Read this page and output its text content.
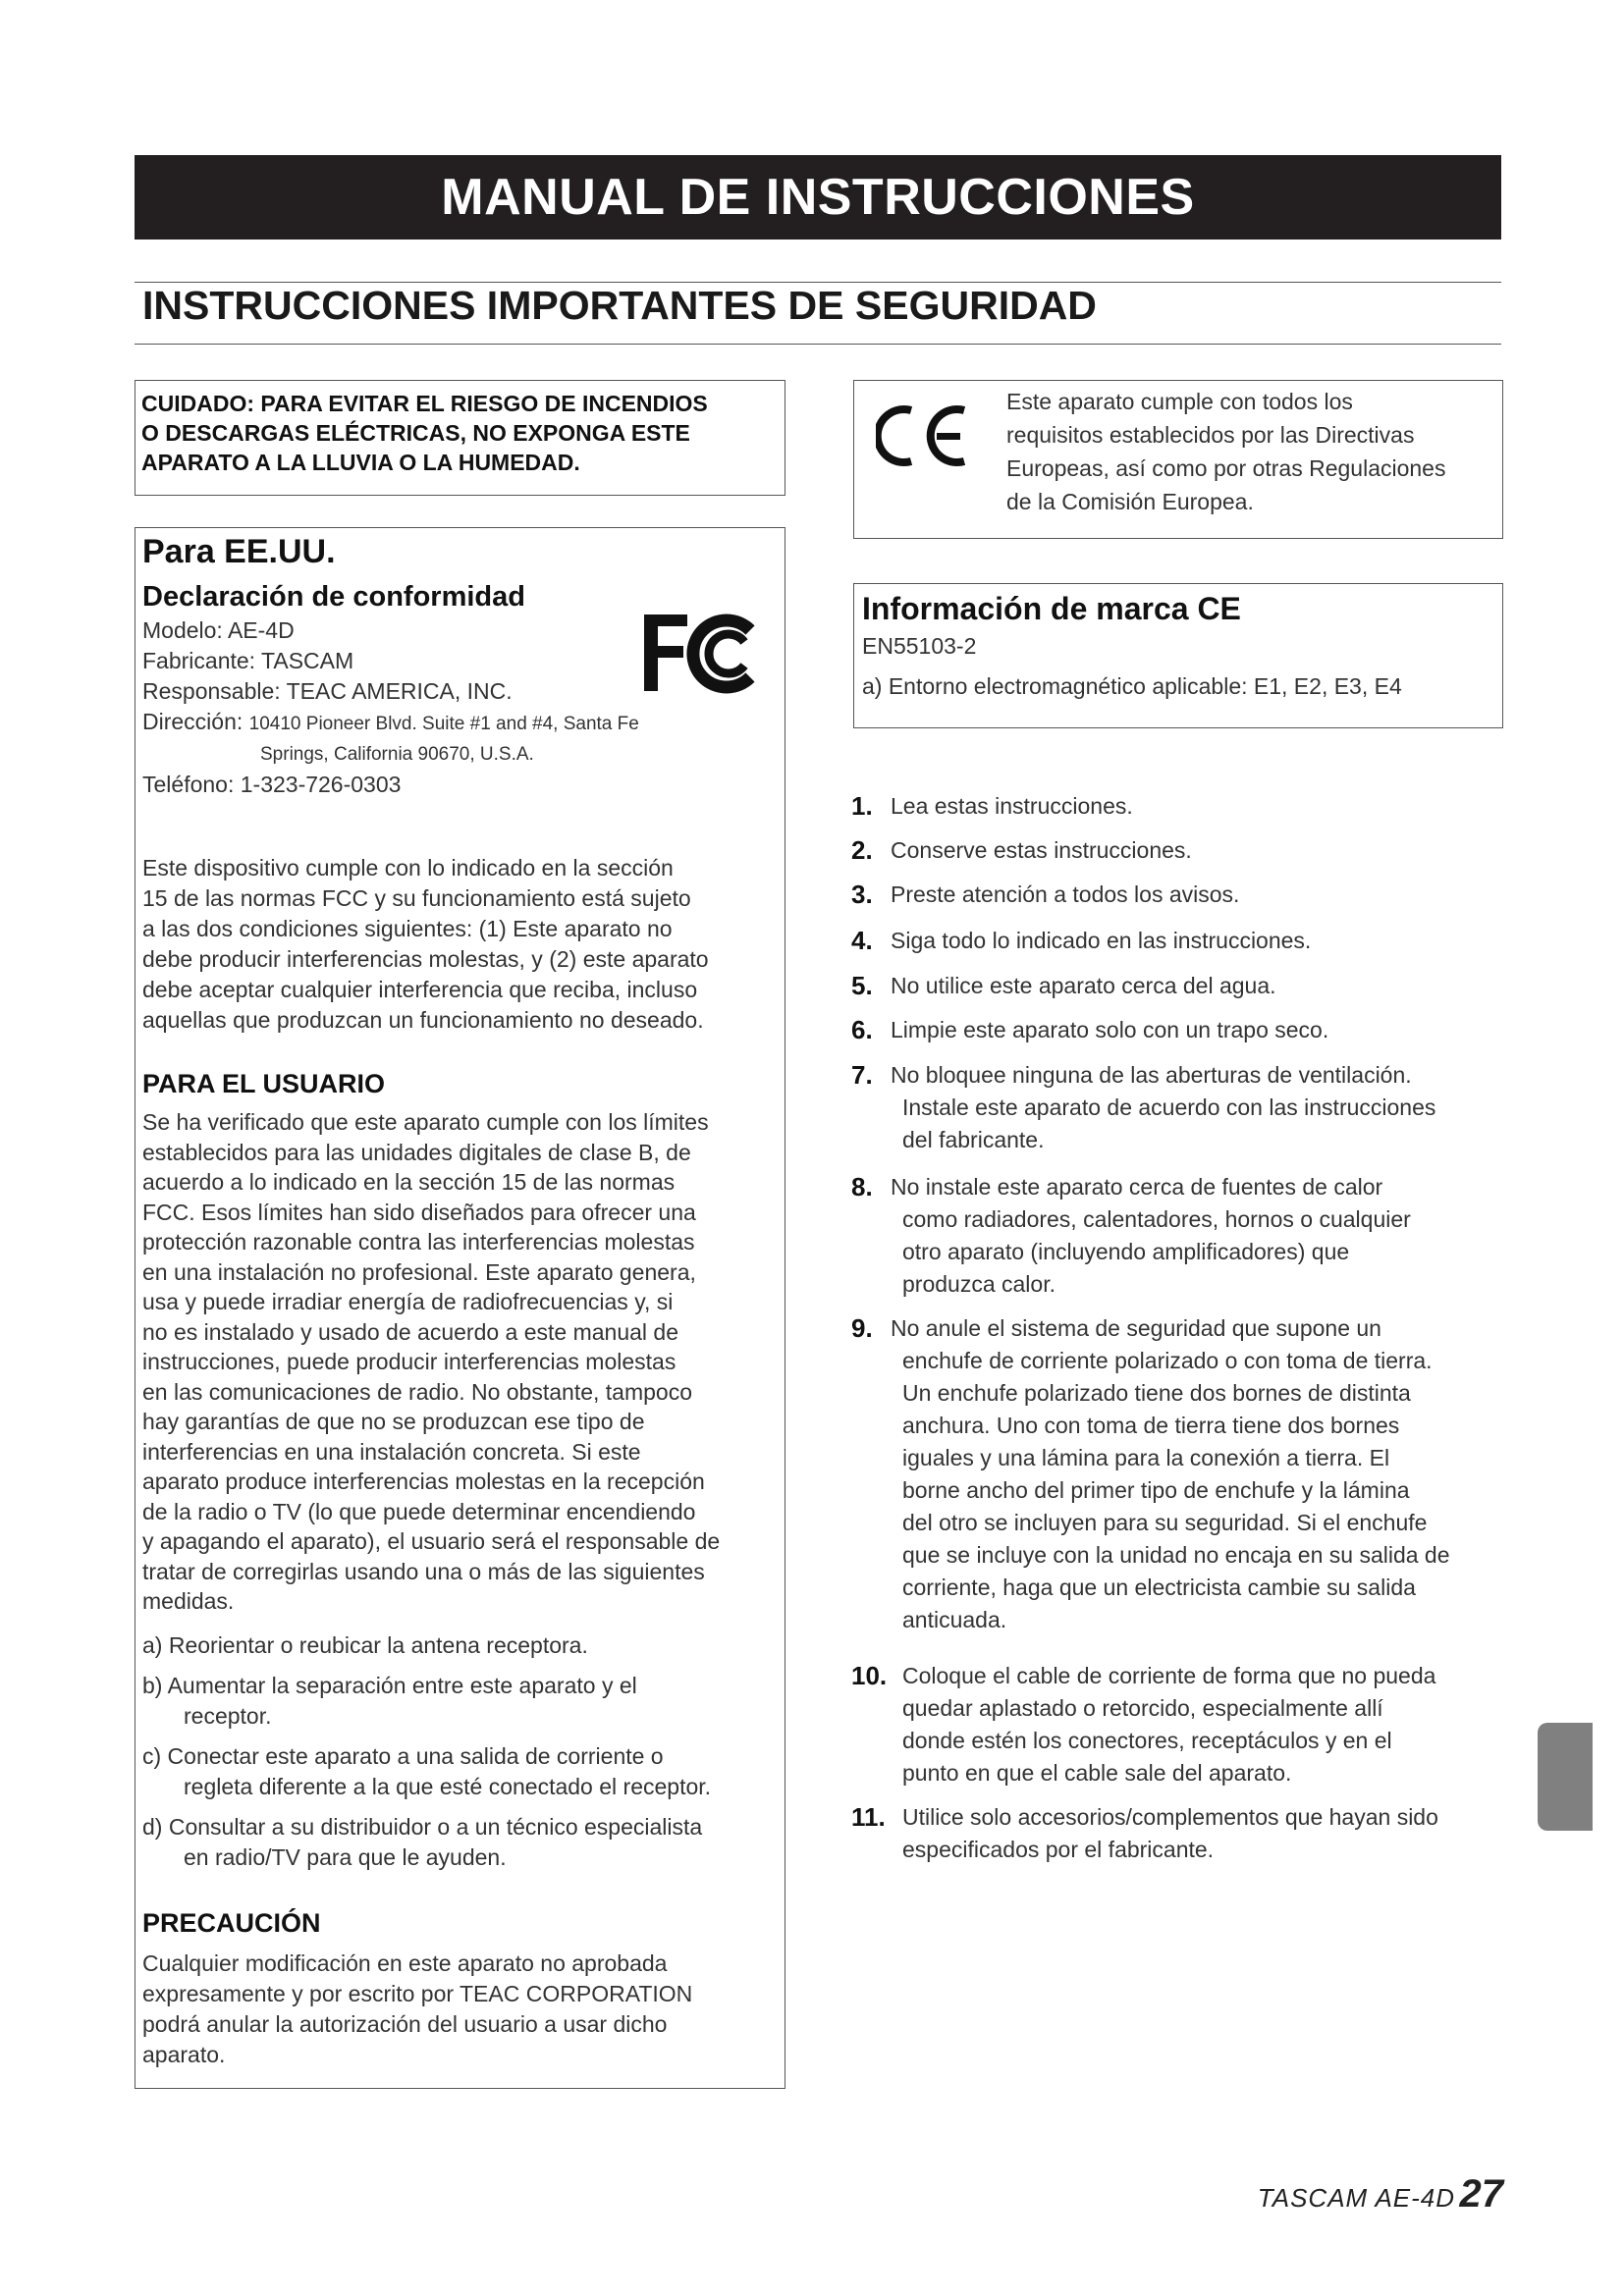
MANUAL DE INSTRUCCIONES
INSTRUCCIONES IMPORTANTES DE SEGURIDAD
CUIDADO: PARA EVITAR EL RIESGO DE INCENDIOS
O DESCARGAS ELÉCTRICAS, NO EXPONGA ESTE
APARATO A LA LLUVIA O LA HUMEDAD.
Para EE.UU.
Declaración de conformidad
Modelo: AE-4D
Fabricante: TASCAM
Responsable: TEAC AMERICA, INC.
Dirección: 10410 Pioneer Blvd. Suite #1 and #4, Santa Fe
Springs, California 90670, U.S.A.
Teléfono: 1-323-726-0303
Este dispositivo cumple con lo indicado en la sección
15 de las normas FCC y su funcionamiento está sujeto
a las dos condiciones siguientes: (1) Este aparato no
debe producir interferencias molestas, y (2) este aparato
debe aceptar cualquier interferencia que reciba, incluso
aquellas que produzcan un funcionamiento no deseado.
PARA EL USUARIO
Se ha verificado que este aparato cumple con los límites
establecidos para las unidades digitales de clase B, de
acuerdo a lo indicado en la sección 15 de las normas
FCC. Esos límites han sido diseñados para ofrecer una
protección razonable contra las interferencias molestas
en una instalación no profesional. Este aparato genera,
usa y puede irradiar energía de radiofrecuencias y, si
no es instalado y usado de acuerdo a este manual de
instrucciones, puede producir interferencias molestas
en las comunicaciones de radio. No obstante, tampoco
hay garantías de que no se produzcan ese tipo de
interferencias en una instalación concreta. Si este
aparato produce interferencias molestas en la recepción
de la radio o TV (lo que puede determinar encendiendo
y apagando el aparato), el usuario será el responsable de
tratar de corregirlas usando una o más de las siguientes
medidas.
a) Reorientar o reubicar la antena receptora.
b) Aumentar la separación entre este aparato y el
receptor.
c) Conectar este aparato a una salida de corriente o
regleta diferente a la que esté conectado el receptor.
d) Consultar a su distribuidor o a un técnico especialista
en radio/TV para que le ayuden.
PRECAUCIÓN
Cualquier modificación en este aparato no aprobada
expresamente y por escrito por TEAC CORPORATION
podrá anular la autorización del usuario a usar dicho
aparato.
Este aparato cumple con todos los
requisitos establecidos por las Directivas
Europeas, así como por otras Regulaciones
de la Comisión Europea.
Información de marca CE
EN55103-2
a) Entorno electromagnético aplicable: E1, E2, E3, E4
1. Lea estas instrucciones.
2. Conserve estas instrucciones.
3. Preste atención a todos los avisos.
4. Siga todo lo indicado en las instrucciones.
5. No utilice este aparato cerca del agua.
6. Limpie este aparato solo con un trapo seco.
7. No bloquee ninguna de las aberturas de ventilación.
Instale este aparato de acuerdo con las instrucciones
del fabricante.
8. No instale este aparato cerca de fuentes de calor
como radiadores, calentadores, hornos o cualquier
otro aparato (incluyendo amplificadores) que
produzca calor.
9. No anule el sistema de seguridad que supone un
enchufe de corriente polarizado o con toma de tierra.
Un enchufe polarizado tiene dos bornes de distinta
anchura. Uno con toma de tierra tiene dos bornes
iguales y una lámina para la conexión a tierra. El
borne ancho del primer tipo de enchufe y la lámina
del otro se incluyen para su seguridad. Si el enchufe
que se incluye con la unidad no encaja en su salida de
corriente, haga que un electricista cambie su salida
anticuada.
10. Coloque el cable de corriente de forma que no pueda
quedar aplastado o retorcido, especialmente allí
donde estén los conectores, receptáculos y en el
punto en que el cable sale del aparato.
11. Utilice solo accesorios/complementos que hayan sido
especificados por el fabricante.
TASCAM AE-4D 27
